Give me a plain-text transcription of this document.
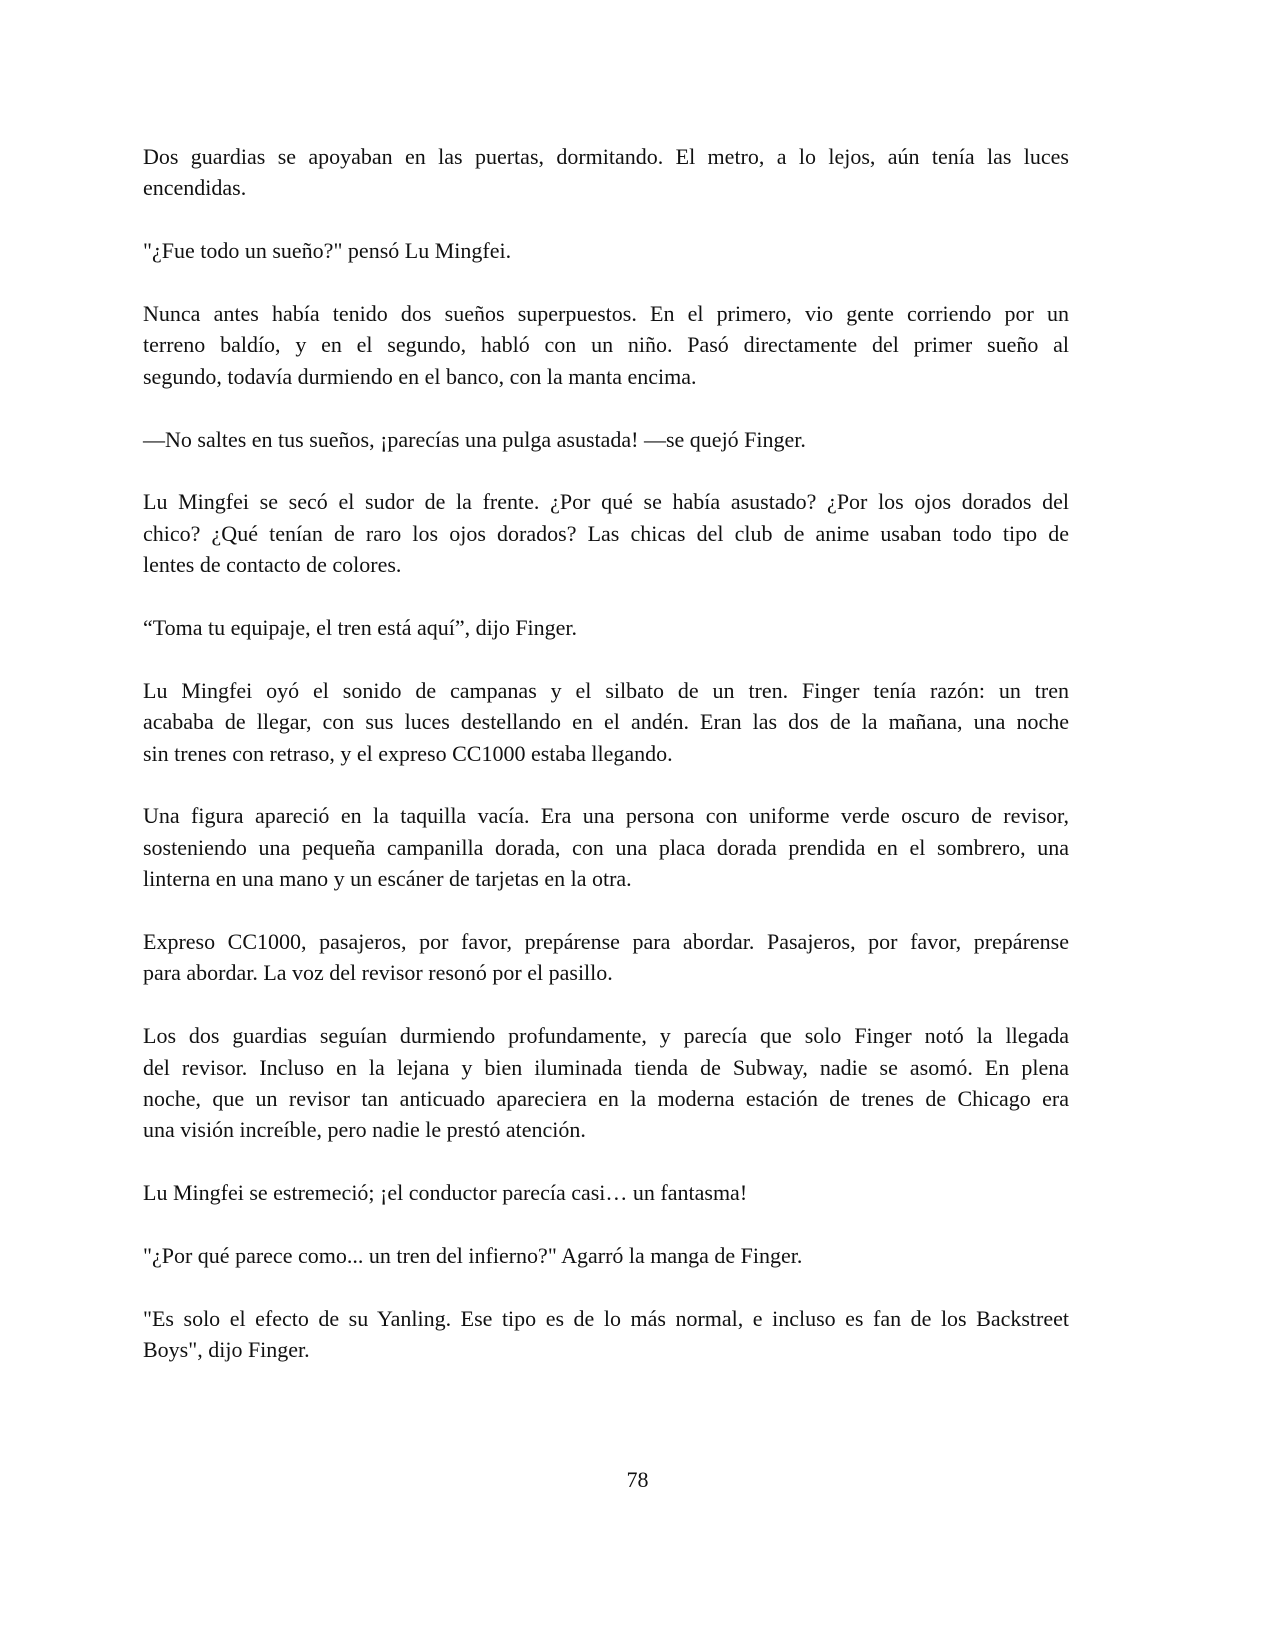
Dos guardias se apoyaban en las puertas, dormitando. El metro, a lo lejos, aún tenía las luces
encendidas.

"¿Fue todo un sueño?" pensó Lu Mingfei.

Nunca antes había tenido dos sueños superpuestos. En el primero, vio gente corriendo por un
terreno baldío, y en el segundo, habló con un niño. Pasó directamente del primer sueño al
segundo, todavía durmiendo en el banco, con la manta encima.

—No saltes en tus sueños, ¡parecías una pulga asustada! —se quejó Finger.

Lu Mingfei se secó el sudor de la frente. ¿Por qué se había asustado? ¿Por los ojos dorados del
chico? ¿Qué tenían de raro los ojos dorados? Las chicas del club de anime usaban todo tipo de
lentes de contacto de colores.

“Toma tu equipaje, el tren está aquí”, dijo Finger.

Lu Mingfei oyó el sonido de campanas y el silbato de un tren. Finger tenía razón: un tren
acababa de llegar, con sus luces destellando en el andén. Eran las dos de la mañana, una noche
sin trenes con retraso, y el expreso CC1000 estaba llegando.

Una figura apareció en la taquilla vacía. Era una persona con uniforme verde oscuro de revisor,
sosteniendo una pequeña campanilla dorada, con una placa dorada prendida en el sombrero, una
linterna en una mano y un escáner de tarjetas en la otra.

Expreso CC1000, pasajeros, por favor, prepárense para abordar. Pasajeros, por favor, prepárense
para abordar. La voz del revisor resonó por el pasillo.

Los dos guardias seguían durmiendo profundamente, y parecía que solo Finger notó la llegada
del revisor. Incluso en la lejana y bien iluminada tienda de Subway, nadie se asomó. En plena
noche, que un revisor tan anticuado apareciera en la moderna estación de trenes de Chicago era
una visión increíble, pero nadie le prestó atención.

Lu Mingfei se estremeció; ¡el conductor parecía casi… un fantasma!

"¿Por qué parece como... un tren del infierno?" Agarró la manga de Finger.

"Es solo el efecto de su Yanling. Ese tipo es de lo más normal, e incluso es fan de los Backstreet
Boys", dijo Finger.

78
